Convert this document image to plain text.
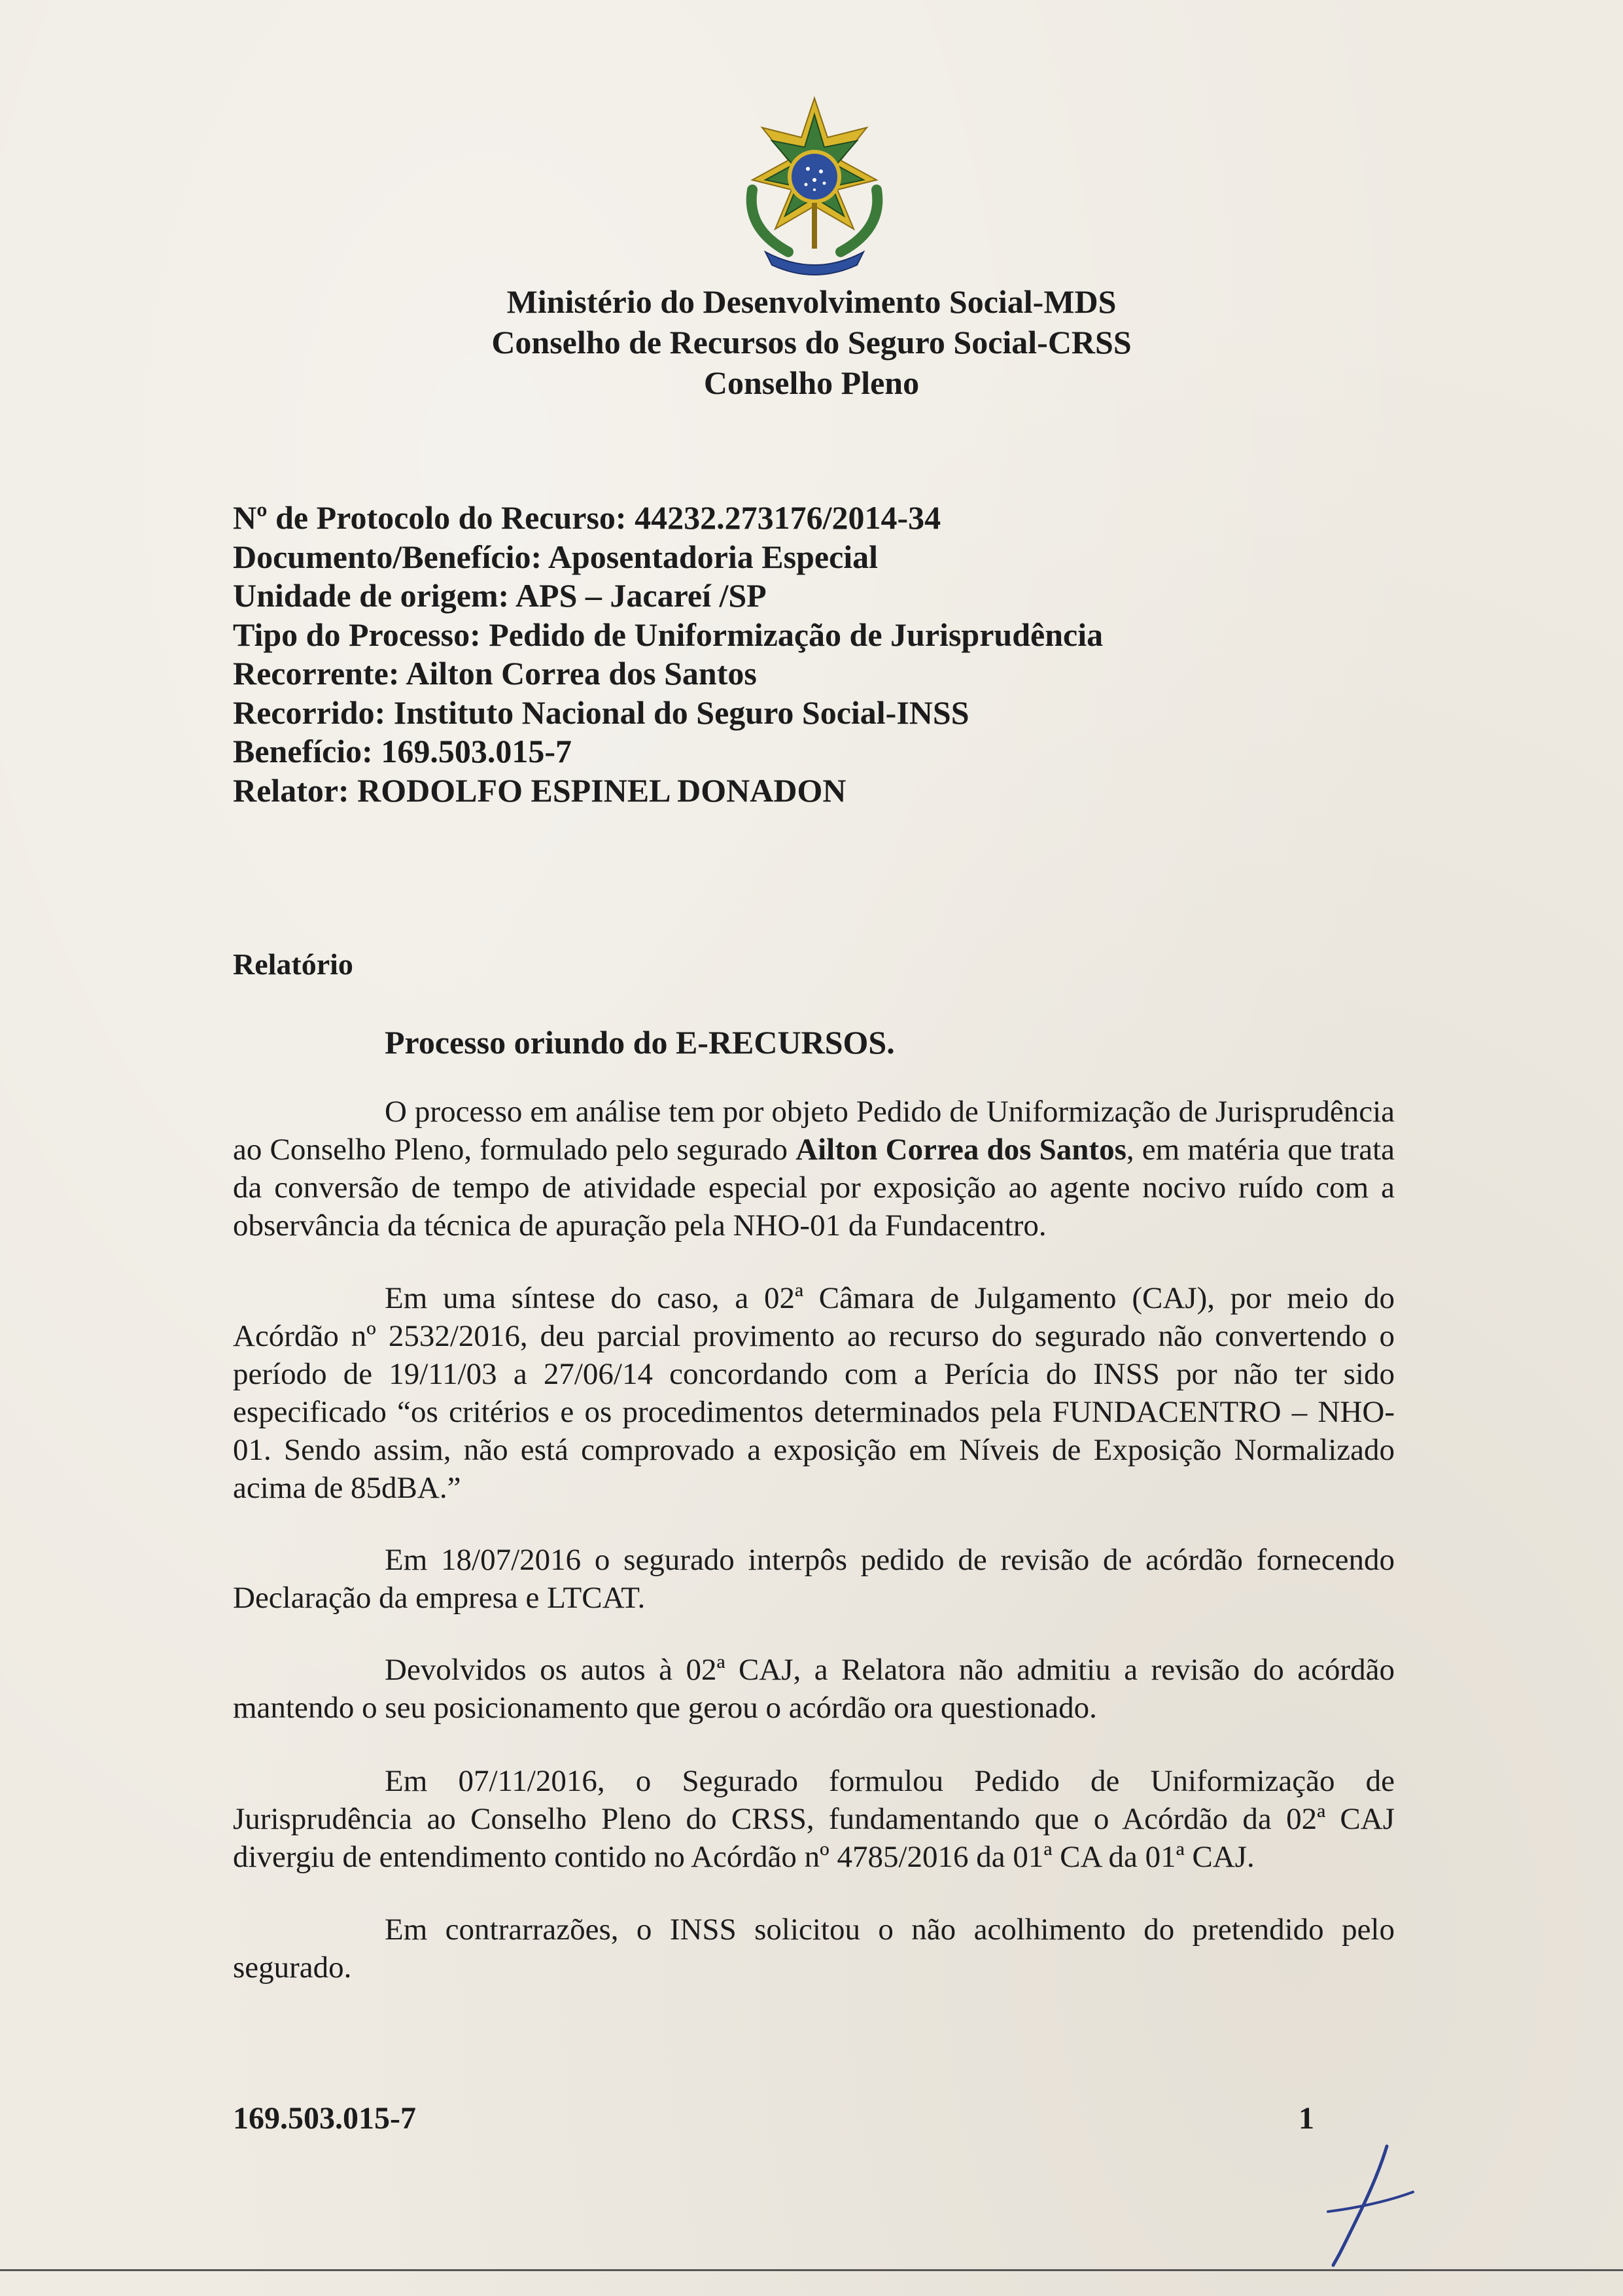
Ministério do Desenvolvimento Social-MDS
Conselho de Recursos do Seguro Social-CRSS
Conselho Pleno
Nº de Protocolo do Recurso: 44232.273176/2014-34
Documento/Benefício: Aposentadoria Especial
Unidade de origem: APS – Jacareí /SP
Tipo do Processo: Pedido de Uniformização de Jurisprudência
Recorrente: Ailton Correa dos Santos
Recorrido: Instituto Nacional do Seguro Social-INSS
Benefício: 169.503.015-7
Relator: RODOLFO ESPINEL DONADON
Relatório
Processo oriundo do E-RECURSOS.
O processo em análise tem por objeto Pedido de Uniformização de Jurisprudência ao Conselho Pleno, formulado pelo segurado Ailton Correa dos Santos, em matéria que trata da conversão de tempo de atividade especial por exposição ao agente nocivo ruído com a observância da técnica de apuração pela NHO-01 da Fundacentro.
Em uma síntese do caso, a 02ª Câmara de Julgamento (CAJ), por meio do Acórdão nº 2532/2016, deu parcial provimento ao recurso do segurado não convertendo o período de 19/11/03 a 27/06/14 concordando com a Perícia do INSS por não ter sido especificado “os critérios e os procedimentos determinados pela FUNDACENTRO – NHO-01. Sendo assim, não está comprovado a exposição em Níveis de Exposição Normalizado acima de 85dBA.”
Em 18/07/2016 o segurado interpôs pedido de revisão de acórdão fornecendo Declaração da empresa e LTCAT.
Devolvidos os autos à 02ª CAJ, a Relatora não admitiu a revisão do acórdão mantendo o seu posicionamento que gerou o acórdão ora questionado.
Em 07/11/2016, o Segurado formulou Pedido de Uniformização de Jurisprudência ao Conselho Pleno do CRSS, fundamentando que o Acórdão da 02ª CAJ divergiu de entendimento contido no Acórdão nº 4785/2016 da 01ª CA da 01ª CAJ.
Em contrarrazões, o INSS solicitou o não acolhimento do pretendido pelo segurado.
169.503.015-7	1
